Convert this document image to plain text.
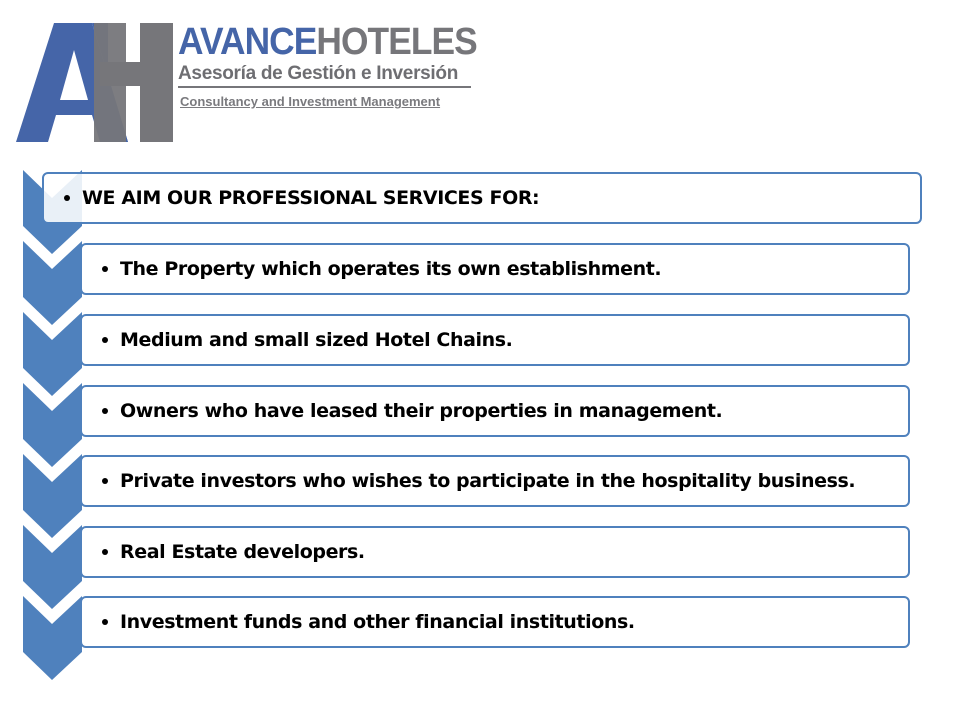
AVANCEHOTELES
Asesoría de Gestión e Inversión
Consultancy and Investment Management
WE AIM OUR PROFESSIONAL SERVICES FOR:
The Property which operates its own establishment.
Medium and small sized Hotel Chains.
Owners who have leased their properties in management.
Private investors who wishes to participate in the hospitality business.
Real Estate developers.
Investment funds and other financial institutions.
